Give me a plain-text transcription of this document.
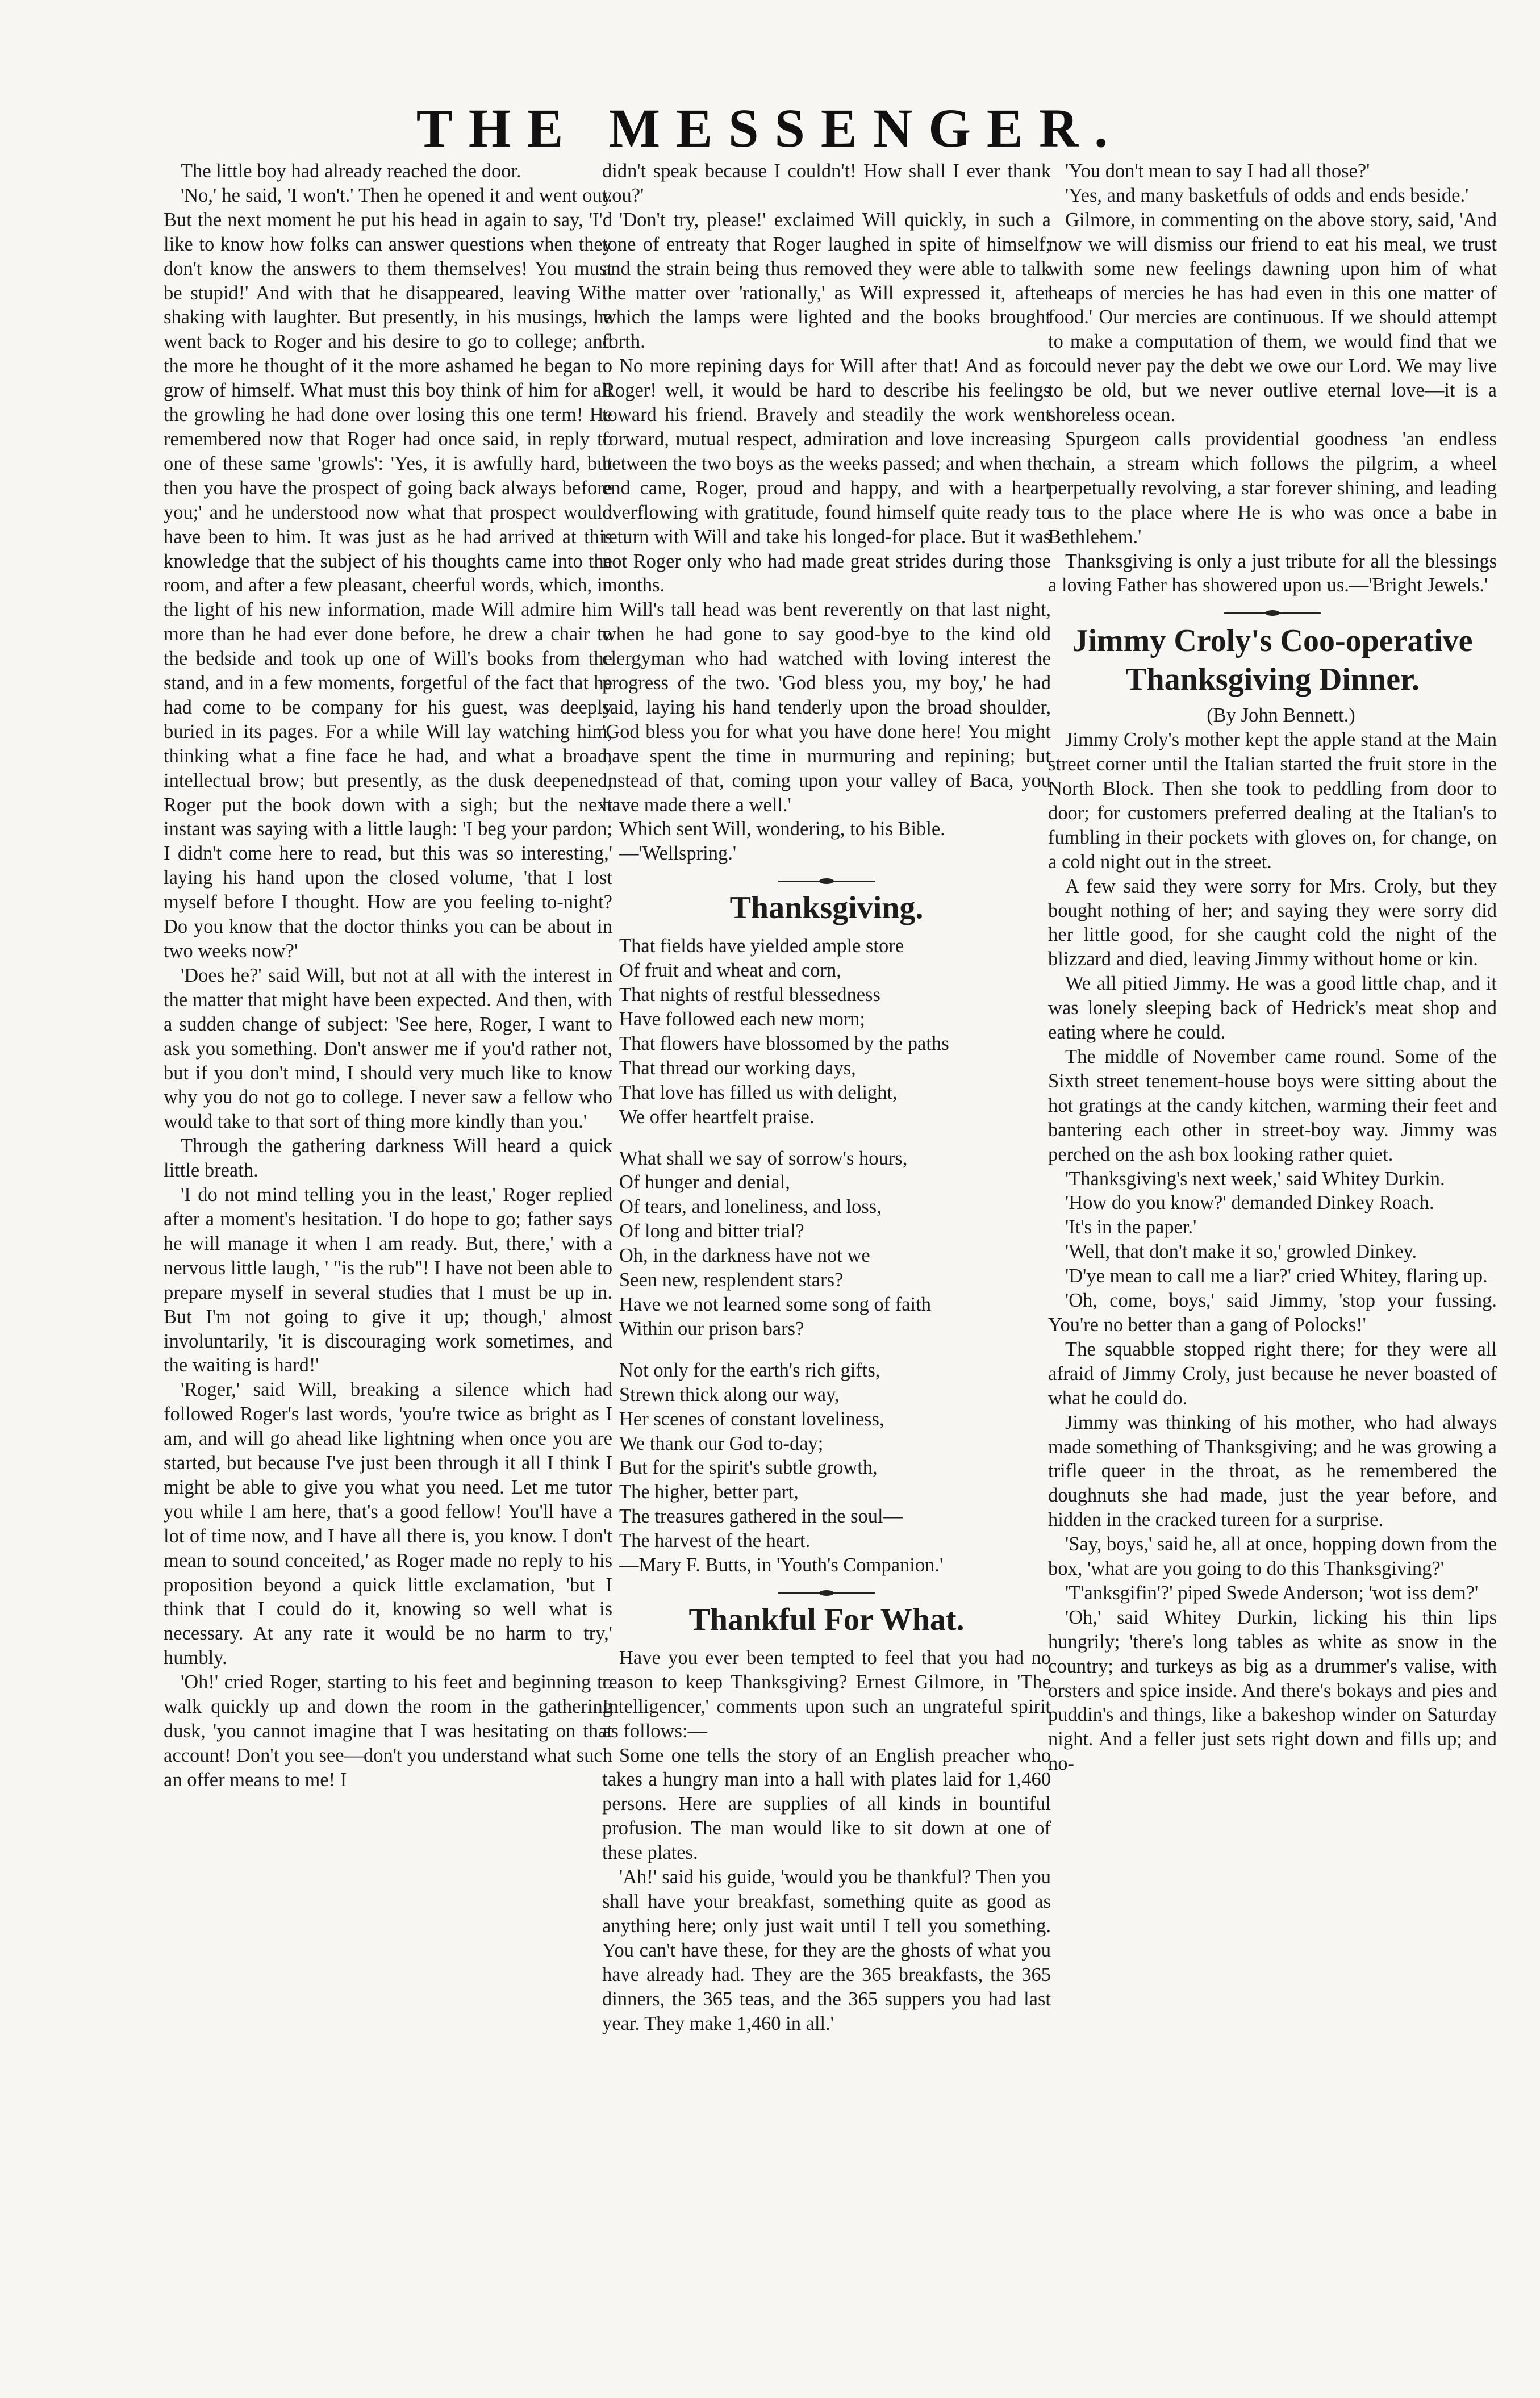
THE MESSENGER.

The little boy had already reached the door.

'No,' he said, 'I won't.' Then he opened it and went out. But the next moment he put his head in again to say, 'I'd like to know how folks can answer questions when they don't know the answers to them themselves! You must be stupid!' And with that he disappeared, leaving Will shaking with laughter. But presently, in his musings, he went back to Roger and his desire to go to college; and the more he thought of it the more ashamed he began to grow of himself. What must this boy think of him for all the growling he had done over losing this one term! He remembered now that Roger had once said, in reply to one of these same 'growls': 'Yes, it is awfully hard, but then you have the prospect of going back always before you;' and he understood now what that prospect would have been to him. It was just as he had arrived at this knowledge that the subject of his thoughts came into the room, and after a few pleasant, cheerful words, which, in the light of his new information, made Will admire him more than he had ever done before, he drew a chair to the bedside and took up one of Will's books from the stand, and in a few moments, forgetful of the fact that he had come to be company for his guest, was deeply buried in its pages. For a while Will lay watching him, thinking what a fine face he had, and what a broad, intellectual brow; but presently, as the dusk deepened, Roger put the book down with a sigh; but the next instant was saying with a little laugh: 'I beg your pardon; I didn't come here to read, but this was so interesting,' laying his hand upon the closed volume, 'that I lost myself before I thought. How are you feeling to-night? Do you know that the doctor thinks you can be about in two weeks now?'

'Does he?' said Will, but not at all with the interest in the matter that might have been expected. And then, with a sudden change of subject: 'See here, Roger, I want to ask you something. Don't answer me if you'd rather not, but if you don't mind, I should very much like to know why you do not go to college. I never saw a fellow who would take to that sort of thing more kindly than you.'

Through the gathering darkness Will heard a quick little breath.

'I do not mind telling you in the least,' Roger replied after a moment's hesitation. 'I do hope to go; father says he will manage it when I am ready. But, there,' with a nervous little laugh, ' "is the rub"! I have not been able to prepare myself in several studies that I must be up in. But I'm not going to give it up; though,' almost involuntarily, 'it is discouraging work sometimes, and the waiting is hard!'

'Roger,' said Will, breaking a silence which had followed Roger's last words, 'you're twice as bright as I am, and will go ahead like lightning when once you are started, but because I've just been through it all I think I might be able to give you what you need. Let me tutor you while I am here, that's a good fellow! You'll have a lot of time now, and I have all there is, you know. I don't mean to sound conceited,' as Roger made no reply to his proposition beyond a quick little exclamation, 'but I think that I could do it, knowing so well what is necessary. At any rate it would be no harm to try,' humbly.

'Oh!' cried Roger, starting to his feet and beginning to walk quickly up and down the room in the gathering dusk, 'you cannot imagine that I was hesitating on that account! Don't you see—don't you understand what such an offer means to me! I

didn't speak because I couldn't! How shall I ever thank you?'

'Don't try, please!' exclaimed Will quickly, in such a tone of entreaty that Roger laughed in spite of himself; and the strain being thus removed they were able to talk the matter over 'rationally,' as Will expressed it, after which the lamps were lighted and the books brought forth.

No more repining days for Will after that! And as for Roger! well, it would be hard to describe his feelings toward his friend. Bravely and steadily the work went forward, mutual respect, admiration and love increasing between the two boys as the weeks passed; and when the end came, Roger, proud and happy, and with a heart overflowing with gratitude, found himself quite ready to return with Will and take his longed-for place. But it was not Roger only who had made great strides during those months.

Will's tall head was bent reverently on that last night, when he had gone to say good-bye to the kind old clergyman who had watched with loving interest the progress of the two. 'God bless you, my boy,' he had said, laying his hand tenderly upon the broad shoulder, 'God bless you for what you have done here! You might have spent the time in murmuring and repining; but instead of that, coming upon your valley of Baca, you have made there a well.'

Which sent Will, wondering, to his Bible.

—'Wellspring.'

Thanksgiving.
That fields have yielded ample store
Of fruit and wheat and corn,
That nights of restful blessedness
Have followed each new morn;
That flowers have blossomed by the paths
That thread our working days,
That love has filled us with delight,
We offer heartfelt praise.
What shall we say of sorrow's hours,
Of hunger and denial,
Of tears, and loneliness, and loss,
Of long and bitter trial?
Oh, in the darkness have not we
Seen new, resplendent stars?
Have we not learned some song of faith
Within our prison bars?
Not only for the earth's rich gifts,
Strewn thick along our way,
Her scenes of constant loveliness,
We thank our God to-day;
But for the spirit's subtle growth,
The higher, better part,
The treasures gathered in the soul—
The harvest of the heart.
—Mary F. Butts, in 'Youth's Companion.'
Thankful For What.

Have you ever been tempted to feel that you had no reason to keep Thanksgiving? Ernest Gilmore, in 'The Intelligencer,' comments upon such an ungrateful spirit as follows:—

Some one tells the story of an English preacher who takes a hungry man into a hall with plates laid for 1,460 persons. Here are supplies of all kinds in bountiful profusion. The man would like to sit down at one of these plates.

'Ah!' said his guide, 'would you be thankful? Then you shall have your breakfast, something quite as good as anything here; only just wait until I tell you something. You can't have these, for they are the ghosts of what you have already had. They are the 365 breakfasts, the 365 dinners, the 365 teas, and the 365 suppers you had last year. They make 1,460 in all.'

'You don't mean to say I had all those?'

'Yes, and many basketfuls of odds and ends beside.'

Gilmore, in commenting on the above story, said, 'And now we will dismiss our friend to eat his meal, we trust with some new feelings dawning upon him of what heaps of mercies he has had even in this one matter of food.' Our mercies are continuous. If we should attempt to make a computation of them, we would find that we could never pay the debt we owe our Lord. We may live to be old, but we never outlive eternal love—it is a shoreless ocean.

Spurgeon calls providential goodness 'an endless chain, a stream which follows the pilgrim, a wheel perpetually revolving, a star forever shining, and leading us to the place where He is who was once a babe in Bethlehem.'

Thanksgiving is only a just tribute for all the blessings a loving Father has showered upon us.—'Bright Jewels.'

Jimmy Croly's Coo-operative Thanksgiving Dinner.

(By John Bennett.)

Jimmy Croly's mother kept the apple stand at the Main street corner until the Italian started the fruit store in the North Block. Then she took to peddling from door to door; for customers preferred dealing at the Italian's to fumbling in their pockets with gloves on, for change, on a cold night out in the street.

A few said they were sorry for Mrs. Croly, but they bought nothing of her; and saying they were sorry did her little good, for she caught cold the night of the blizzard and died, leaving Jimmy without home or kin.

We all pitied Jimmy. He was a good little chap, and it was lonely sleeping back of Hedrick's meat shop and eating where he could.

The middle of November came round. Some of the Sixth street tenement-house boys were sitting about the hot gratings at the candy kitchen, warming their feet and bantering each other in street-boy way. Jimmy was perched on the ash box looking rather quiet.

'Thanksgiving's next week,' said Whitey Durkin.

'How do you know?' demanded Dinkey Roach.

'It's in the paper.'

'Well, that don't make it so,' growled Dinkey.

'D'ye mean to call me a liar?' cried Whitey, flaring up.

'Oh, come, boys,' said Jimmy, 'stop your fussing. You're no better than a gang of Polocks!'

The squabble stopped right there; for they were all afraid of Jimmy Croly, just because he never boasted of what he could do.

Jimmy was thinking of his mother, who had always made something of Thanksgiving; and he was growing a trifle queer in the throat, as he remembered the doughnuts she had made, just the year before, and hidden in the cracked tureen for a surprise.

'Say, boys,' said he, all at once, hopping down from the box, 'what are you going to do this Thanksgiving?'

'T'anksgifin'?' piped Swede Anderson; 'wot iss dem?'

'Oh,' said Whitey Durkin, licking his thin lips hungrily; 'there's long tables as white as snow in the country; and turkeys as big as a drummer's valise, with orsters and spice inside. And there's bokays and pies and puddin's and things, like a bakeshop winder on Saturday night. And a feller just sets right down and fills up; and no-
